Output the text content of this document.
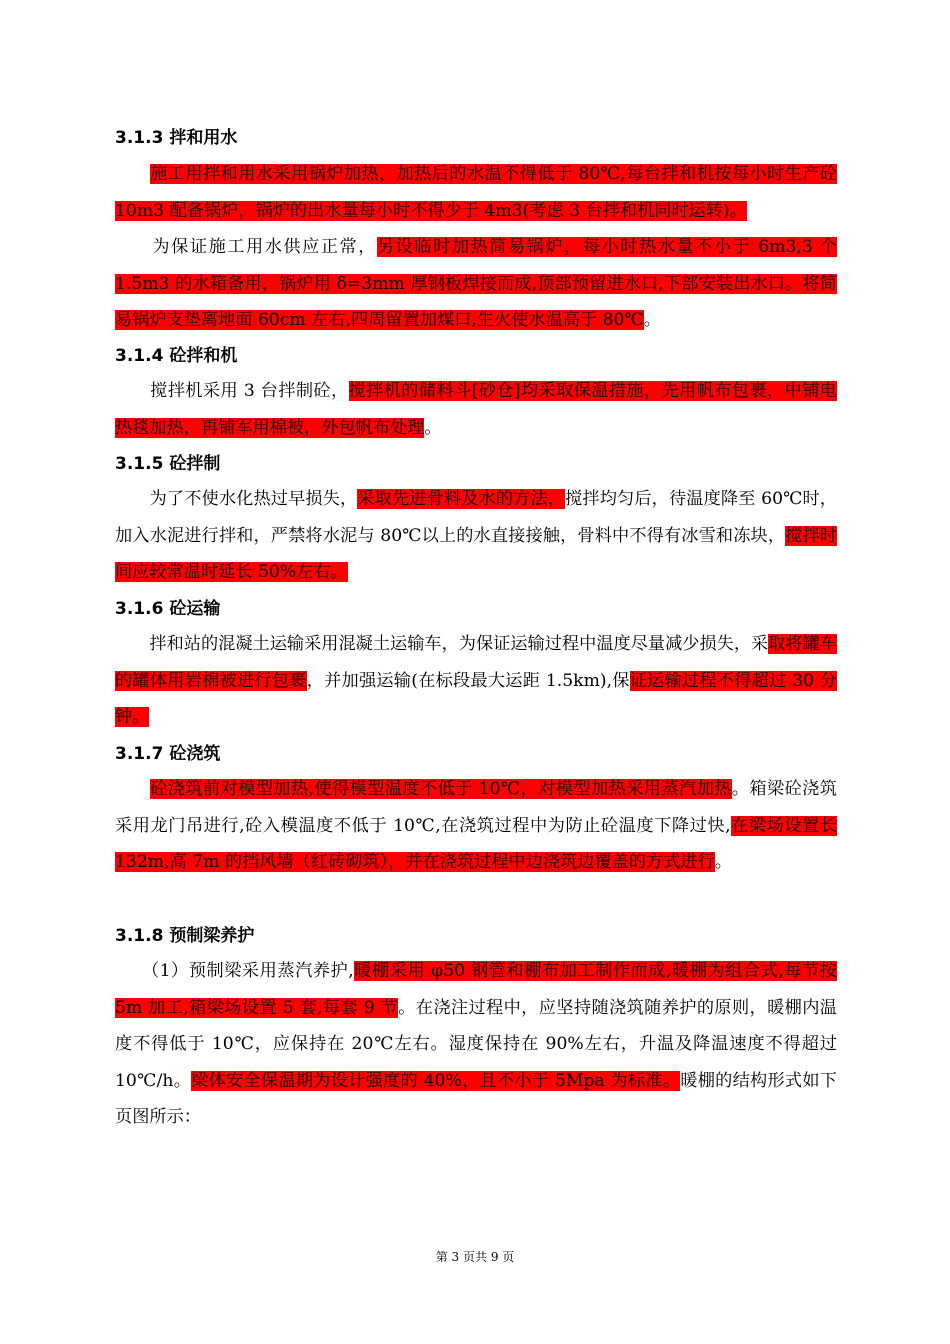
3.1.3 拌和用水
　　施工用拌和用水采用锅炉加热，加热后的水温不得低于 80℃,每台拌和机按每小时生产砼 10m3 配备锅炉，锅炉的出水量每小时不得少于 4m3(考虑 3 台拌和机同时运转)。
　　为保证施工用水供应正常，另设临时加热简易锅炉，每小时热水量不小于 6m3,3 个 1.5m3 的水箱备用，锅炉用 δ=3mm 厚钢板焊接而成,顶部预留进水口,下部安装出水口。将简易锅炉支垫离地面 60cm 左右,四周留置加煤口,生火使水温高于 80℃。
3.1.4 砼拌和机
　　搅拌机采用 3 台拌制砼，搅拌机的储料斗[砂仓]均采取保温措施，先用帆布包裹，中铺电热毯加热，再铺军用棉被，外包帆布处理。
3.1.5 砼拌制
　　为了不使水化热过早损失，采取先进骨料及水的方法，搅拌均匀后，待温度降至 60℃时，加入水泥进行拌和，严禁将水泥与 80℃以上的水直接接触，骨料中不得有冰雪和冻块，搅拌时间应较常温时延长 50%左右。
3.1.6 砼运输
　　拌和站的混凝土运输采用混凝土运输车，为保证运输过程中温度尽量减少损失，采取将罐车的罐体用岩棉被进行包裹，并加强运输(在标段最大运距 1.5km),保证运输过程不得超过 30 分钟。
3.1.7 砼浇筑
　　砼浇筑前对模型加热,使得模型温度不低于 10℃，对模型加热采用蒸汽加热。箱梁砼浇筑采用龙门吊进行,砼入模温度不低于 10℃,在浇筑过程中为防止砼温度下降过快,在梁场设置长 132m,高 7m 的挡风墙（红砖砌筑），并在浇筑过程中边浇筑边覆盖的方式进行。
3.1.8 预制梁养护
　　（1）预制梁采用蒸汽养护,暖棚采用 φ50 钢管和棚布加工制作而成,暖棚为组合式,每节按 5m 加工,箱梁场设置 5 套,每套 9 节。在浇注过程中，应坚持随浇筑随养护的原则，暖棚内温度不得低于 10℃，应保持在 20℃左右。湿度保持在 90%左右，升温及降温速度不得超过 10℃/h。梁体安全保温期为设计强度的 40%，且不小于 5Mpa 为标准。暖棚的结构形式如下页图所示：
第 3 页共 9 页
